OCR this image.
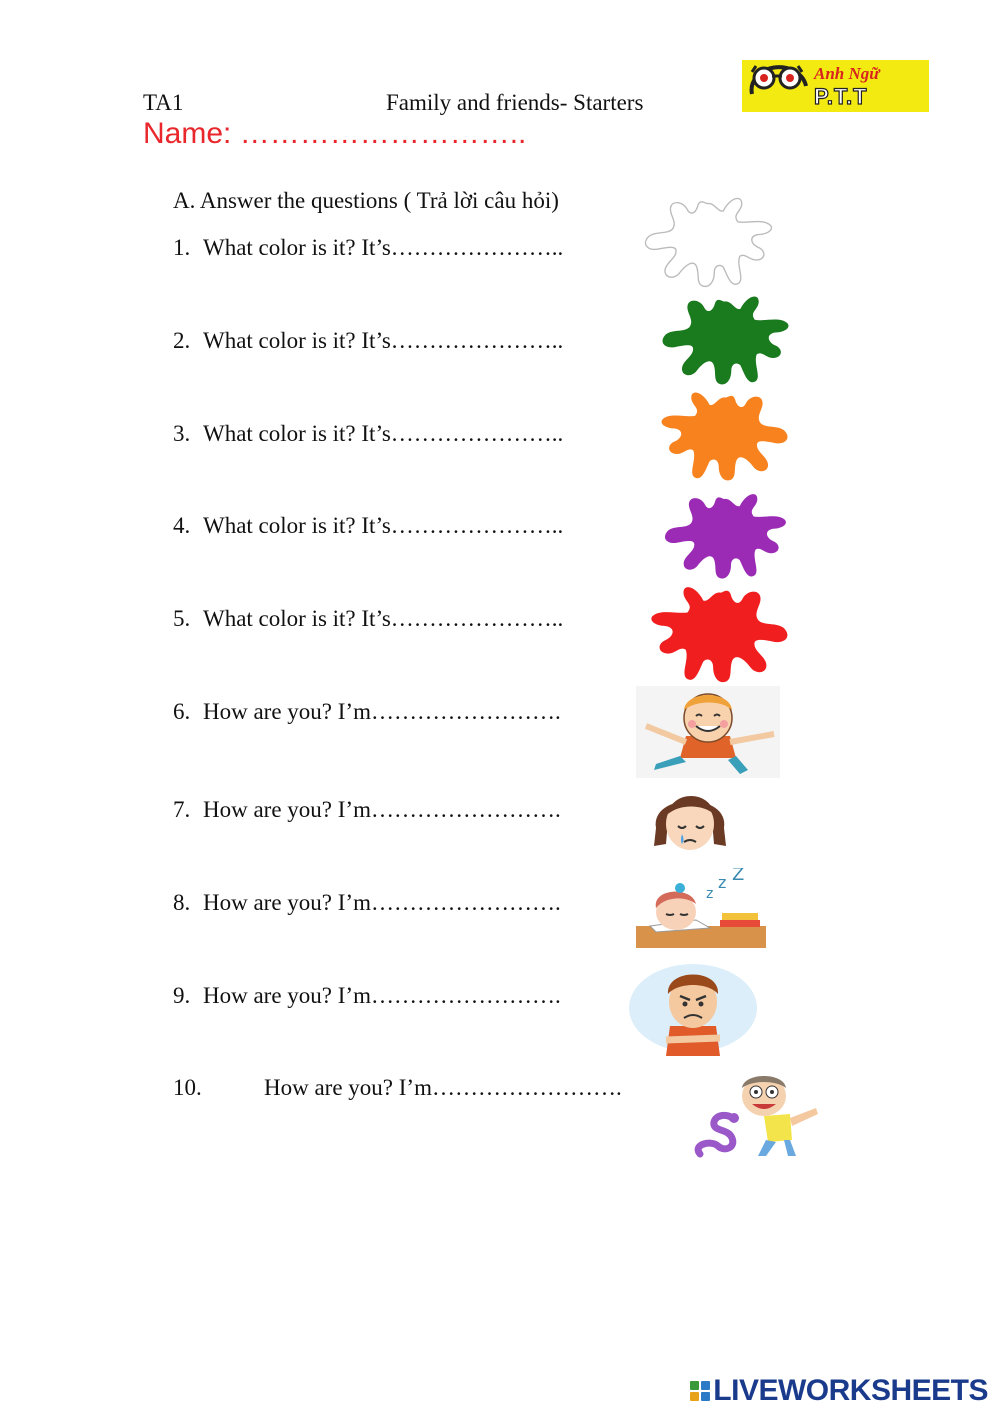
TA1	Family and friends- Starters
Name: ………………………..
Anh Ngữ
P.T.T
A. Answer the questions ( Trả lời câu hỏi)
1. What color is it? It’s…………………..
2. What color is it? It’s…………………..
3. What color is it? It’s…………………..
4. What color is it? It’s…………………..
5. What color is it? It’s…………………..
6. How are you? I’m…………………….
7. How are you? I’m…………………….
8. How are you? I’m…………………….
9. How are you? I’m…………………….
10.	How are you? I’m…………………….
z
z Z
LIVEWORKSHEETS
